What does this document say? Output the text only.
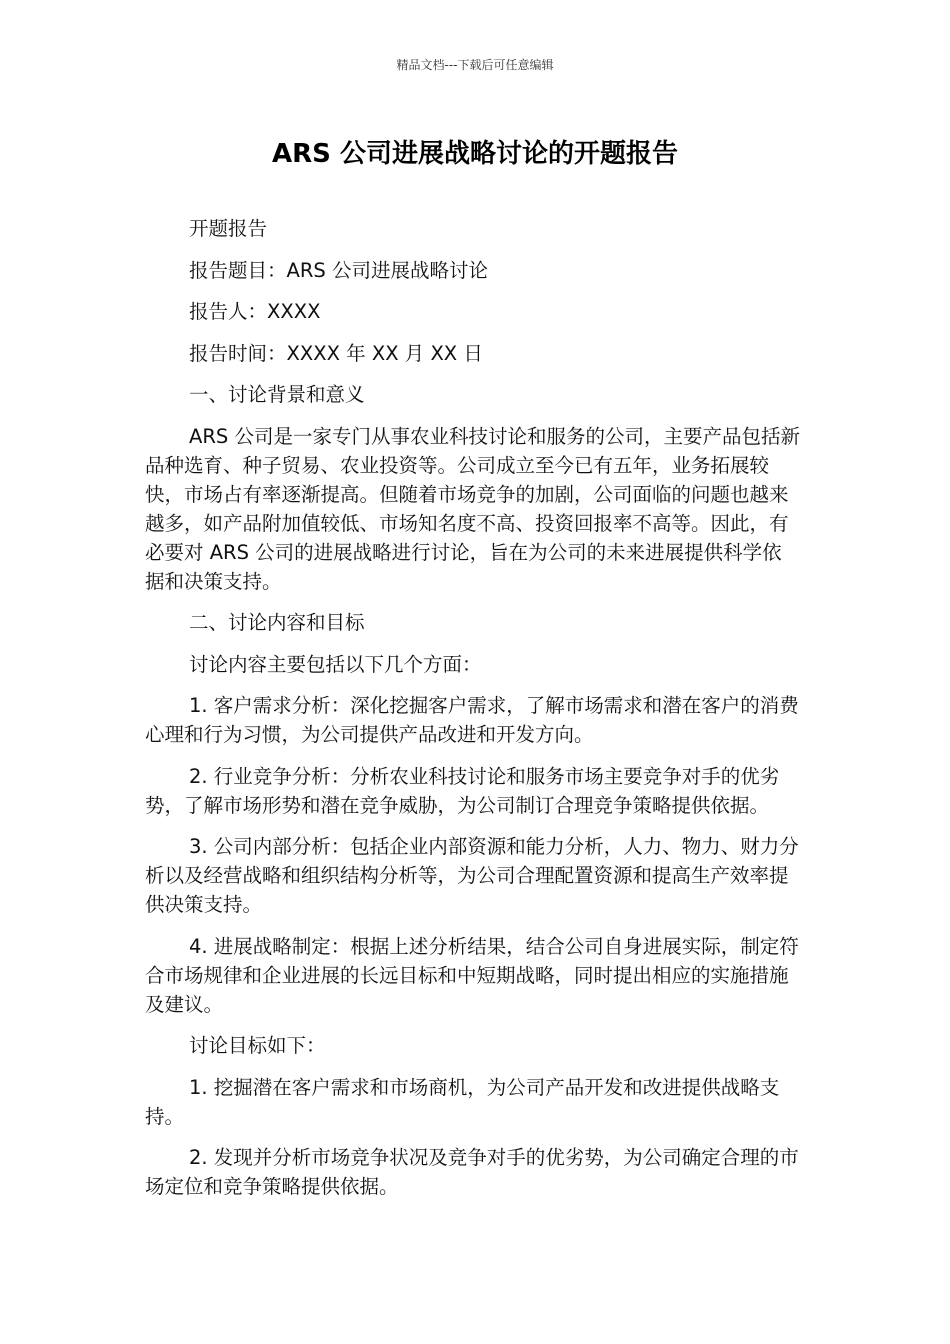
精品文档---下载后可任意编辑
ARS 公司进展战略讨论的开题报告

开题报告

报告题目：ARS 公司进展战略讨论

报告人：XXXX

报告时间：XXXX 年 XX 月 XX 日

一、讨论背景和意义

ARS 公司是一家专门从事农业科技讨论和服务的公司，主要产品包括新品种选育、种子贸易、农业投资等。公司成立至今已有五年，业务拓展较快，市场占有率逐渐提高。但随着市场竞争的加剧，公司面临的问题也越来越多，如产品附加值较低、市场知名度不高、投资回报率不高等。因此，有必要对 ARS 公司的进展战略进行讨论，旨在为公司的未来进展提供科学依据和决策支持。

二、讨论内容和目标

讨论内容主要包括以下几个方面：

1. 客户需求分析：深化挖掘客户需求，了解市场需求和潜在客户的消费心理和行为习惯，为公司提供产品改进和开发方向。

2. 行业竞争分析：分析农业科技讨论和服务市场主要竞争对手的优劣势，了解市场形势和潜在竞争威胁，为公司制订合理竞争策略提供依据。

3. 公司内部分析：包括企业内部资源和能力分析，人力、物力、财力分析以及经营战略和组织结构分析等，为公司合理配置资源和提高生产效率提供决策支持。

4. 进展战略制定：根据上述分析结果，结合公司自身进展实际，制定符合市场规律和企业进展的长远目标和中短期战略，同时提出相应的实施措施及建议。

讨论目标如下：

1. 挖掘潜在客户需求和市场商机，为公司产品开发和改进提供战略支持。

2. 发现并分析市场竞争状况及竞争对手的优劣势，为公司确定合理的市场定位和竞争策略提供依据。
